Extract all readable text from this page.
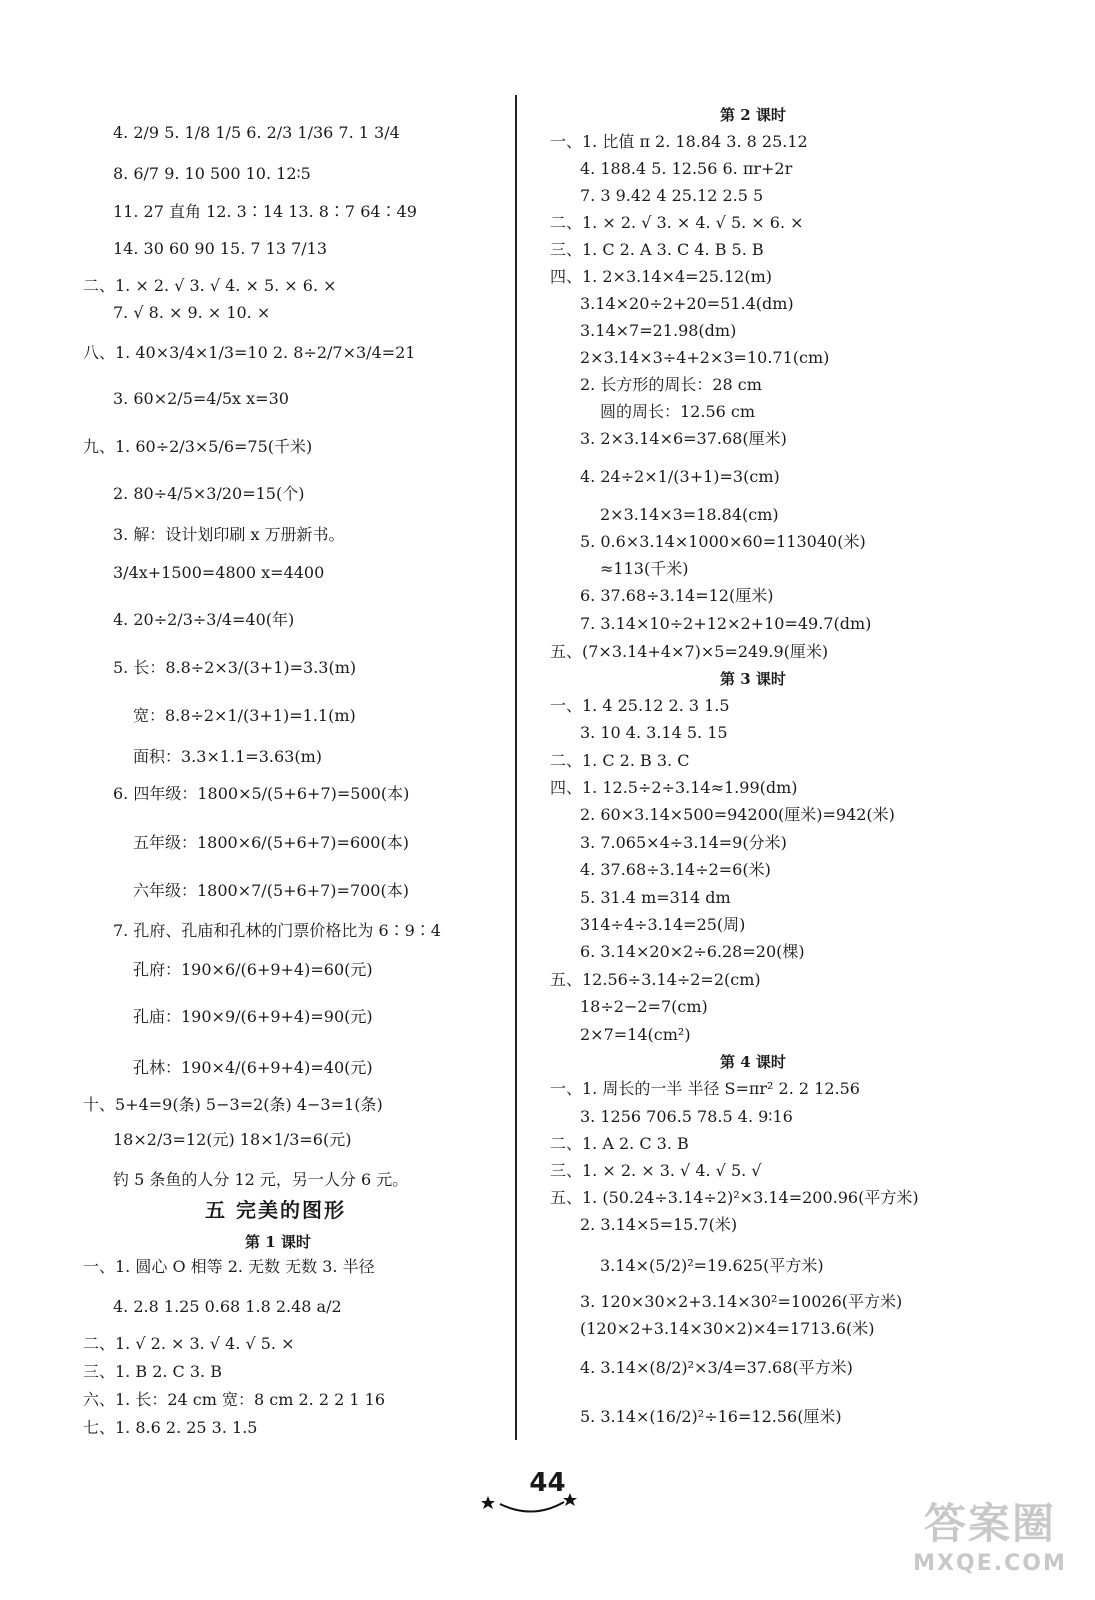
4. 2/9 5. 1/8 1/5 6. 2/3 1/36 7. 1 3/4
8. 6/7 9. 10 500 10. 12∶5
11. 27 直角 12. 3∶14 13. 8∶7 64∶49
14. 30 60 90 15. 7 13 7/13
二、1. × 2. √ 3. √ 4. × 5. × 6. ×
7. √ 8. × 9. × 10. ×
八、1. 40×3/4×1/3=10 2. 8÷2/7×3/4=21
3. 60×2/5=4/5x x=30
九、1. 60÷2/3×5/6=75(千米)
2. 80÷4/5×3/20=15(个)
3. 解：设计划印刷 x 万册新书。
3/4x+1500=4800 x=4400
4. 20÷2/3÷3/4=40(年)
5. 长：8.8÷2×3/(3+1)=3.3(m)
宽：8.8÷2×1/(3+1)=1.1(m)
面积：3.3×1.1=3.63(m)
6. 四年级：1800×5/(5+6+7)=500(本)
五年级：1800×6/(5+6+7)=600(本)
六年级：1800×7/(5+6+7)=700(本)
7. 孔府、孔庙和孔林的门票价格比为 6∶9∶4
孔府：190×6/(6+9+4)=60(元)
孔庙：190×9/(6+9+4)=90(元)
孔林：190×4/(6+9+4)=40(元)
十、5+4=9(条) 5−3=2(条) 4−3=1(条)
18×2/3=12(元) 18×1/3=6(元)
钓 5 条鱼的人分 12 元，另一人分 6 元。
五 完美的图形
第 1 课时
一、1. 圆心 O 相等 2. 无数 无数 3. 半径
4. 2.8 1.25 0.68 1.8 2.48 a/2
二、1. √ 2. × 3. √ 4. √ 5. ×
三、1. B 2. C 3. B
六、1. 长：24 cm 宽：8 cm 2. 2 2 1 16
七、1. 8.6 2. 25 3. 1.5
第 2 课时
一、1. 比值 π 2. 18.84 3. 8 25.12
4. 188.4 5. 12.56 6. πr+2r
7. 3 9.42 4 25.12 2.5 5
二、1. × 2. √ 3. × 4. √ 5. × 6. ×
三、1. C 2. A 3. C 4. B 5. B
四、1. 2×3.14×4=25.12(m)
3.14×20÷2+20=51.4(dm)
3.14×7=21.98(dm)
2×3.14×3÷4+2×3=10.71(cm)
2. 长方形的周长：28 cm
圆的周长：12.56 cm
3. 2×3.14×6=37.68(厘米)
4. 24÷2×1/(3+1)=3(cm)
2×3.14×3=18.84(cm)
5. 0.6×3.14×1000×60=113040(米)
≈113(千米)
6. 37.68÷3.14=12(厘米)
7. 3.14×10÷2+12×2+10=49.7(dm)
五、(7×3.14+4×7)×5=249.9(厘米)
第 3 课时
一、1. 4 25.12 2. 3 1.5
3. 10 4. 3.14 5. 15
二、1. C 2. B 3. C
四、1. 12.5÷2÷3.14≈1.99(dm)
2. 60×3.14×500=94200(厘米)=942(米)
3. 7.065×4÷3.14=9(分米)
4. 37.68÷3.14÷2=6(米)
5. 31.4 m=314 dm
314÷4÷3.14=25(周)
6. 3.14×20×2÷6.28=20(棵)
五、12.56÷3.14÷2=2(cm)
18÷2−2=7(cm)
2×7=14(cm²)
第 4 课时
一、1. 周长的一半 半径 S=πr² 2. 2 12.56
3. 1256 706.5 78.5 4. 9∶16
二、1. A 2. C 3. B
三、1. × 2. × 3. √ 4. √ 5. √
五、1. (50.24÷3.14÷2)²×3.14=200.96(平方米)
2. 3.14×5=15.7(米)
3.14×(5/2)²=19.625(平方米)
3. 120×30×2+3.14×30²=10026(平方米)
(120×2+3.14×30×2)×4=1713.6(米)
4. 3.14×(8/2)²×3/4=37.68(平方米)
5. 3.14×(16/2)²÷16=12.56(厘米)
44
答案圈
MXQE.COM
